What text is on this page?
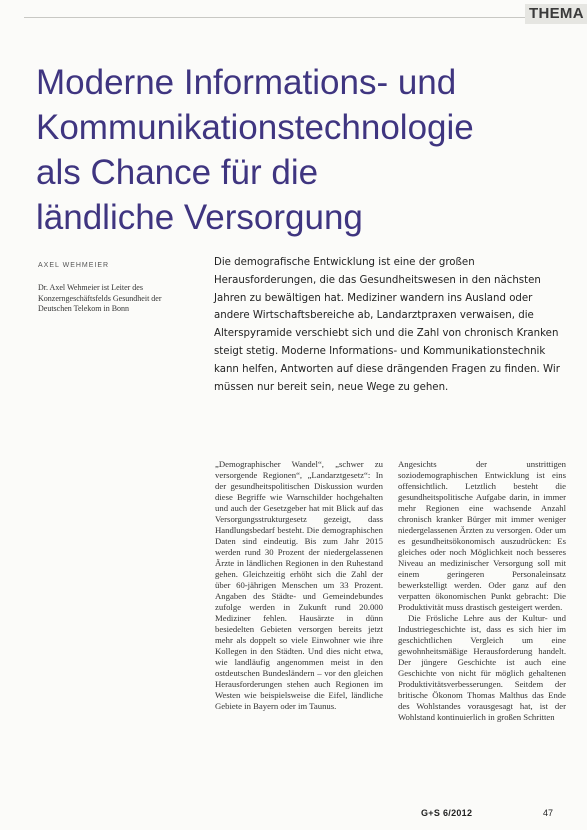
THEMA
Moderne Informations- und
Kommunikationstechnologie
als Chance für die
ländliche Versorgung
AXEL WEHMEIER
Dr. Axel Wehmeier ist Leiter des Konzerngeschäftsfelds Gesundheit der Deutschen Telekom in Bonn

Die demografische Entwicklung ist eine der großen Herausforderungen, die das Gesundheitswesen in den nächsten Jahren zu bewältigen hat. Mediziner wandern ins Ausland oder andere Wirtschaftsbereiche ab, Landarztpraxen verwaisen, die Alterspyramide verschiebt sich und die Zahl von chronisch Kranken steigt stetig. Moderne Informations- und Kommunikationstechnik kann helfen, Antworten auf diese drängenden Fragen zu finden. Wir müssen nur bereit sein, neue Wege zu gehen.

„Demographischer Wandel“, „schwer zu versorgende Regionen“, „Landarztgesetz“: In der gesundheitspolitischen Diskussion wurden diese Begriffe wie Warnschilder hochgehalten und auch der Gesetzgeber hat mit Blick auf das Versorgungsstrukturgesetz gezeigt, dass Handlungsbedarf besteht. Die demographischen Daten sind eindeutig. Bis zum Jahr 2015 werden rund 30 Prozent der niedergelassenen Ärzte in ländlichen Regionen in den Ruhestand gehen. Gleichzeitig erhöht sich die Zahl der über 60-jährigen Menschen um 33 Prozent. Angaben des Städte- und Gemeindebundes zufolge werden in Zukunft rund 20.000 Mediziner fehlen. Hausärzte in dünn besiedelten Gebieten versorgen bereits jetzt mehr als doppelt so viele Einwohner wie ihre Kollegen in den Städten. Und dies nicht etwa, wie landläufig angenommen meist in den ostdeutschen Bundesländern – vor den gleichen Herausforderungen stehen auch Regionen im Westen wie beispielsweise die Eifel, ländliche Gebiete in Bayern oder im Taunus.

Angesichts der unstrittigen soziodemographischen Entwicklung ist eins offensichtlich. Letztlich besteht die gesundheitspolitische Aufgabe darin, in immer mehr Regionen eine wachsende Anzahl chronisch kranker Bürger mit immer weniger niedergelassenen Ärzten zu versorgen. Oder um es gesundheitsökonomisch auszudrücken: Es gleiches oder noch Möglichkeit noch besseres Niveau an medizinischer Versorgung soll mit einem geringeren Personaleinsatz bewerkstelligt werden. Oder ganz auf den verpatten ökonomischen Punkt gebracht: Die Produktivität muss drastisch gesteigert werden.

Die Frösliche Lehre aus der Kultur- und Industriegeschichte ist, dass es sich hier im geschichtlichen Vergleich um eine gewohnheitsmäßige Herausforderung handelt. Der jüngere Geschichte ist auch eine Geschichte von nicht für möglich gehaltenen Produktivitätsverbesserungen. Seitdem der britische Ökonom Thomas Malthus das Ende des Wohlstandes vorausgesagt hat, ist der Wohlstand kontinuierlich in großen Schritten

G+S 6/2012	47
